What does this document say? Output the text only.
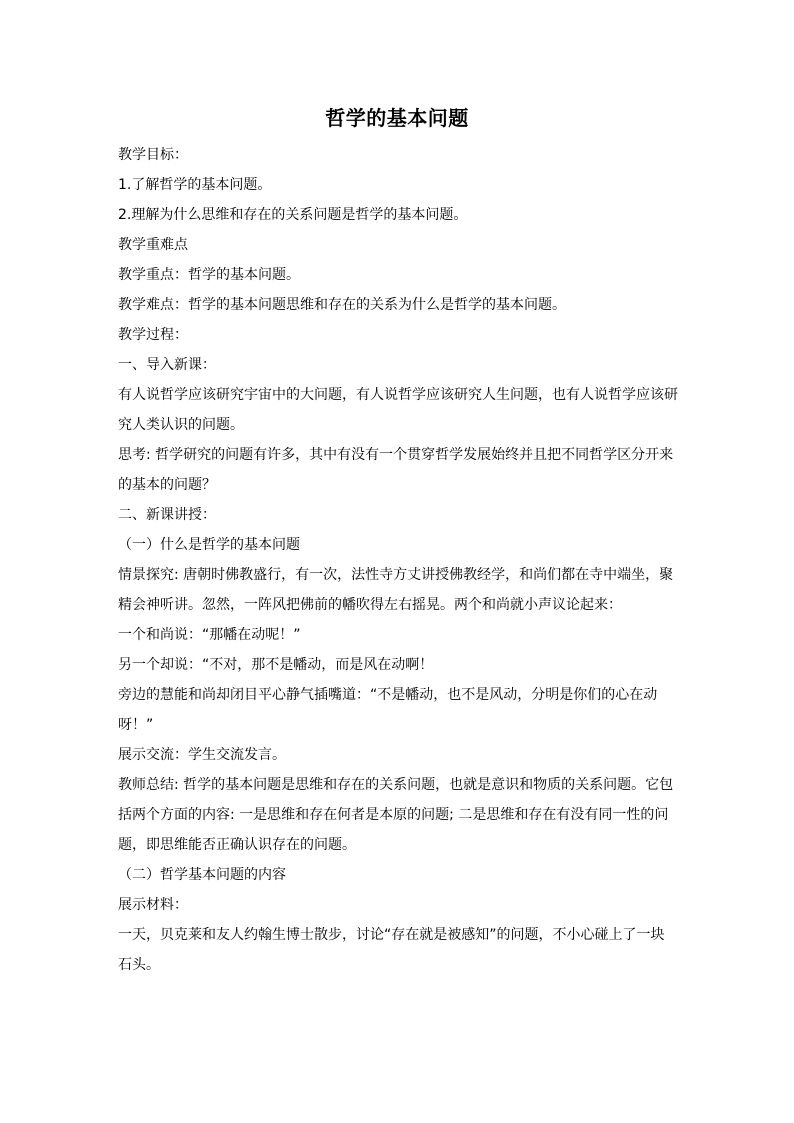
哲学的基本问题

教学目标：

1.了解哲学的基本问题。

2.理解为什么思维和存在的关系问题是哲学的基本问题。

教学重难点

教学重点：哲学的基本问题。

教学难点：哲学的基本问题思维和存在的关系为什么是哲学的基本问题。

教学过程：

一、导入新课：

有人说哲学应该研究宇宙中的大问题，有人说哲学应该研究人生问题，也有人说哲学应该研究人类认识的问题。

思考: 哲学研究的问题有许多，其中有没有一个贯穿哲学发展始终并且把不同哲学区分开来的基本的问题？

二、新课讲授：

（一）什么是哲学的基本问题

情景探究: 唐朝时佛教盛行，有一次，法性寺方丈讲授佛教经学，和尚们都在寺中端坐，聚精会神听讲。忽然，一阵风把佛前的幡吹得左右摇晃。两个和尚就小声议论起来：

一个和尚说：“那幡在动呢！”

另一个却说：“不对，那不是幡动，而是风在动啊！

旁边的慧能和尚却闭目平心静气插嘴道：“不是幡动，也不是风动，分明是你们的心在动呀！”

展示交流：学生交流发言。

教师总结: 哲学的基本问题是思维和存在的关系问题，也就是意识和物质的关系问题。它包括两个方面的内容: 一是思维和存在何者是本原的问题; 二是思维和存在有没有同一性的问题，即思维能否正确认识存在的问题。

（二）哲学基本问题的内容

展示材料：

一天，贝克莱和友人约翰生博士散步，讨论“存在就是被感知”的问题，不小心碰上了一块石头。
